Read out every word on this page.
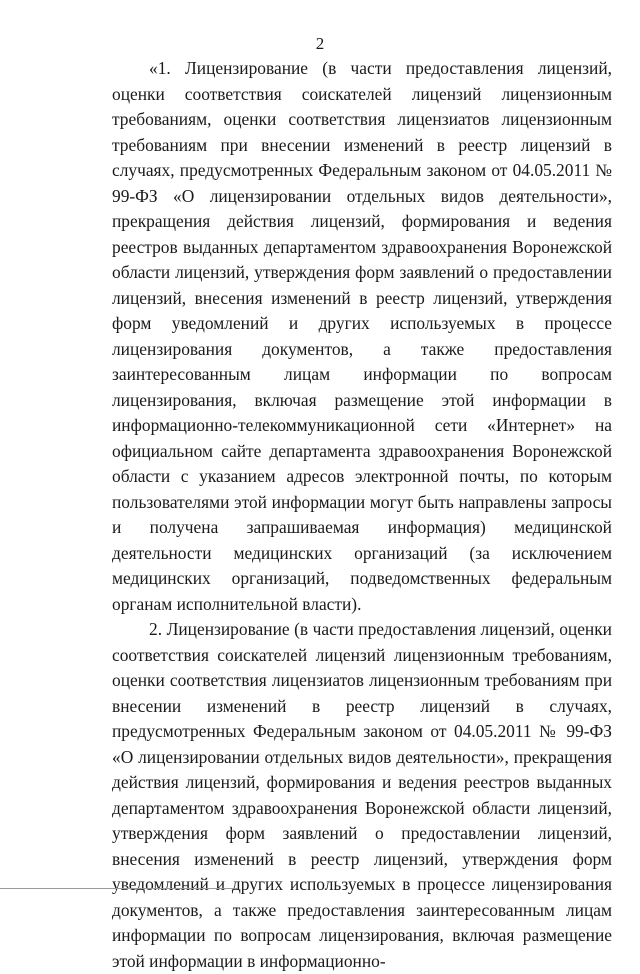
2

«1. Лицензирование (в части предоставления лицензий, оценки соответствия соискателей лицензий лицензионным требованиям, оценки соответствия лицензиатов лицензионным требованиям при внесении изменений в реестр лицензий в случаях, предусмотренных Федеральным законом от 04.05.2011 № 99-ФЗ «О лицензировании отдельных видов деятельности», прекращения действия лицензий, формирования и ведения реестров выданных департаментом здравоохранения Воронежской области лицензий, утверждения форм заявлений о предоставлении лицензий, внесения изменений в реестр лицензий, утверждения форм уведомлений и других используемых в процессе лицензирования документов, а также предоставления заинтересованным лицам информации по вопросам лицензирования, включая размещение этой информации в информационно-телекоммуникационной сети «Интернет» на официальном сайте департамента здравоохранения Воронежской области с указанием адресов электронной почты, по которым пользователями этой информации могут быть направлены запросы и получена запрашиваемая информация) медицинской деятельности медицинских организаций (за исключением медицинских организаций, подведомственных федеральным органам исполнительной власти).

2. Лицензирование (в части предоставления лицензий, оценки соответствия соискателей лицензий лицензионным требованиям, оценки соответствия лицензиатов лицензионным требованиям при внесении изменений в реестр лицензий в случаях, предусмотренных Федеральным законом от 04.05.2011 № 99-ФЗ «О лицензировании отдельных видов деятельности», прекращения действия лицензий, формирования и ведения реестров выданных департаментом здравоохранения Воронежской области лицензий, утверждения форм заявлений о предоставлении лицензий, внесения изменений в реестр лицензий, утверждения форм уведомлений и других используемых в процессе лицензирования документов, а также предоставления заинтересованным лицам информации по вопросам лицензирования, включая размещение этой информации в информационно-
